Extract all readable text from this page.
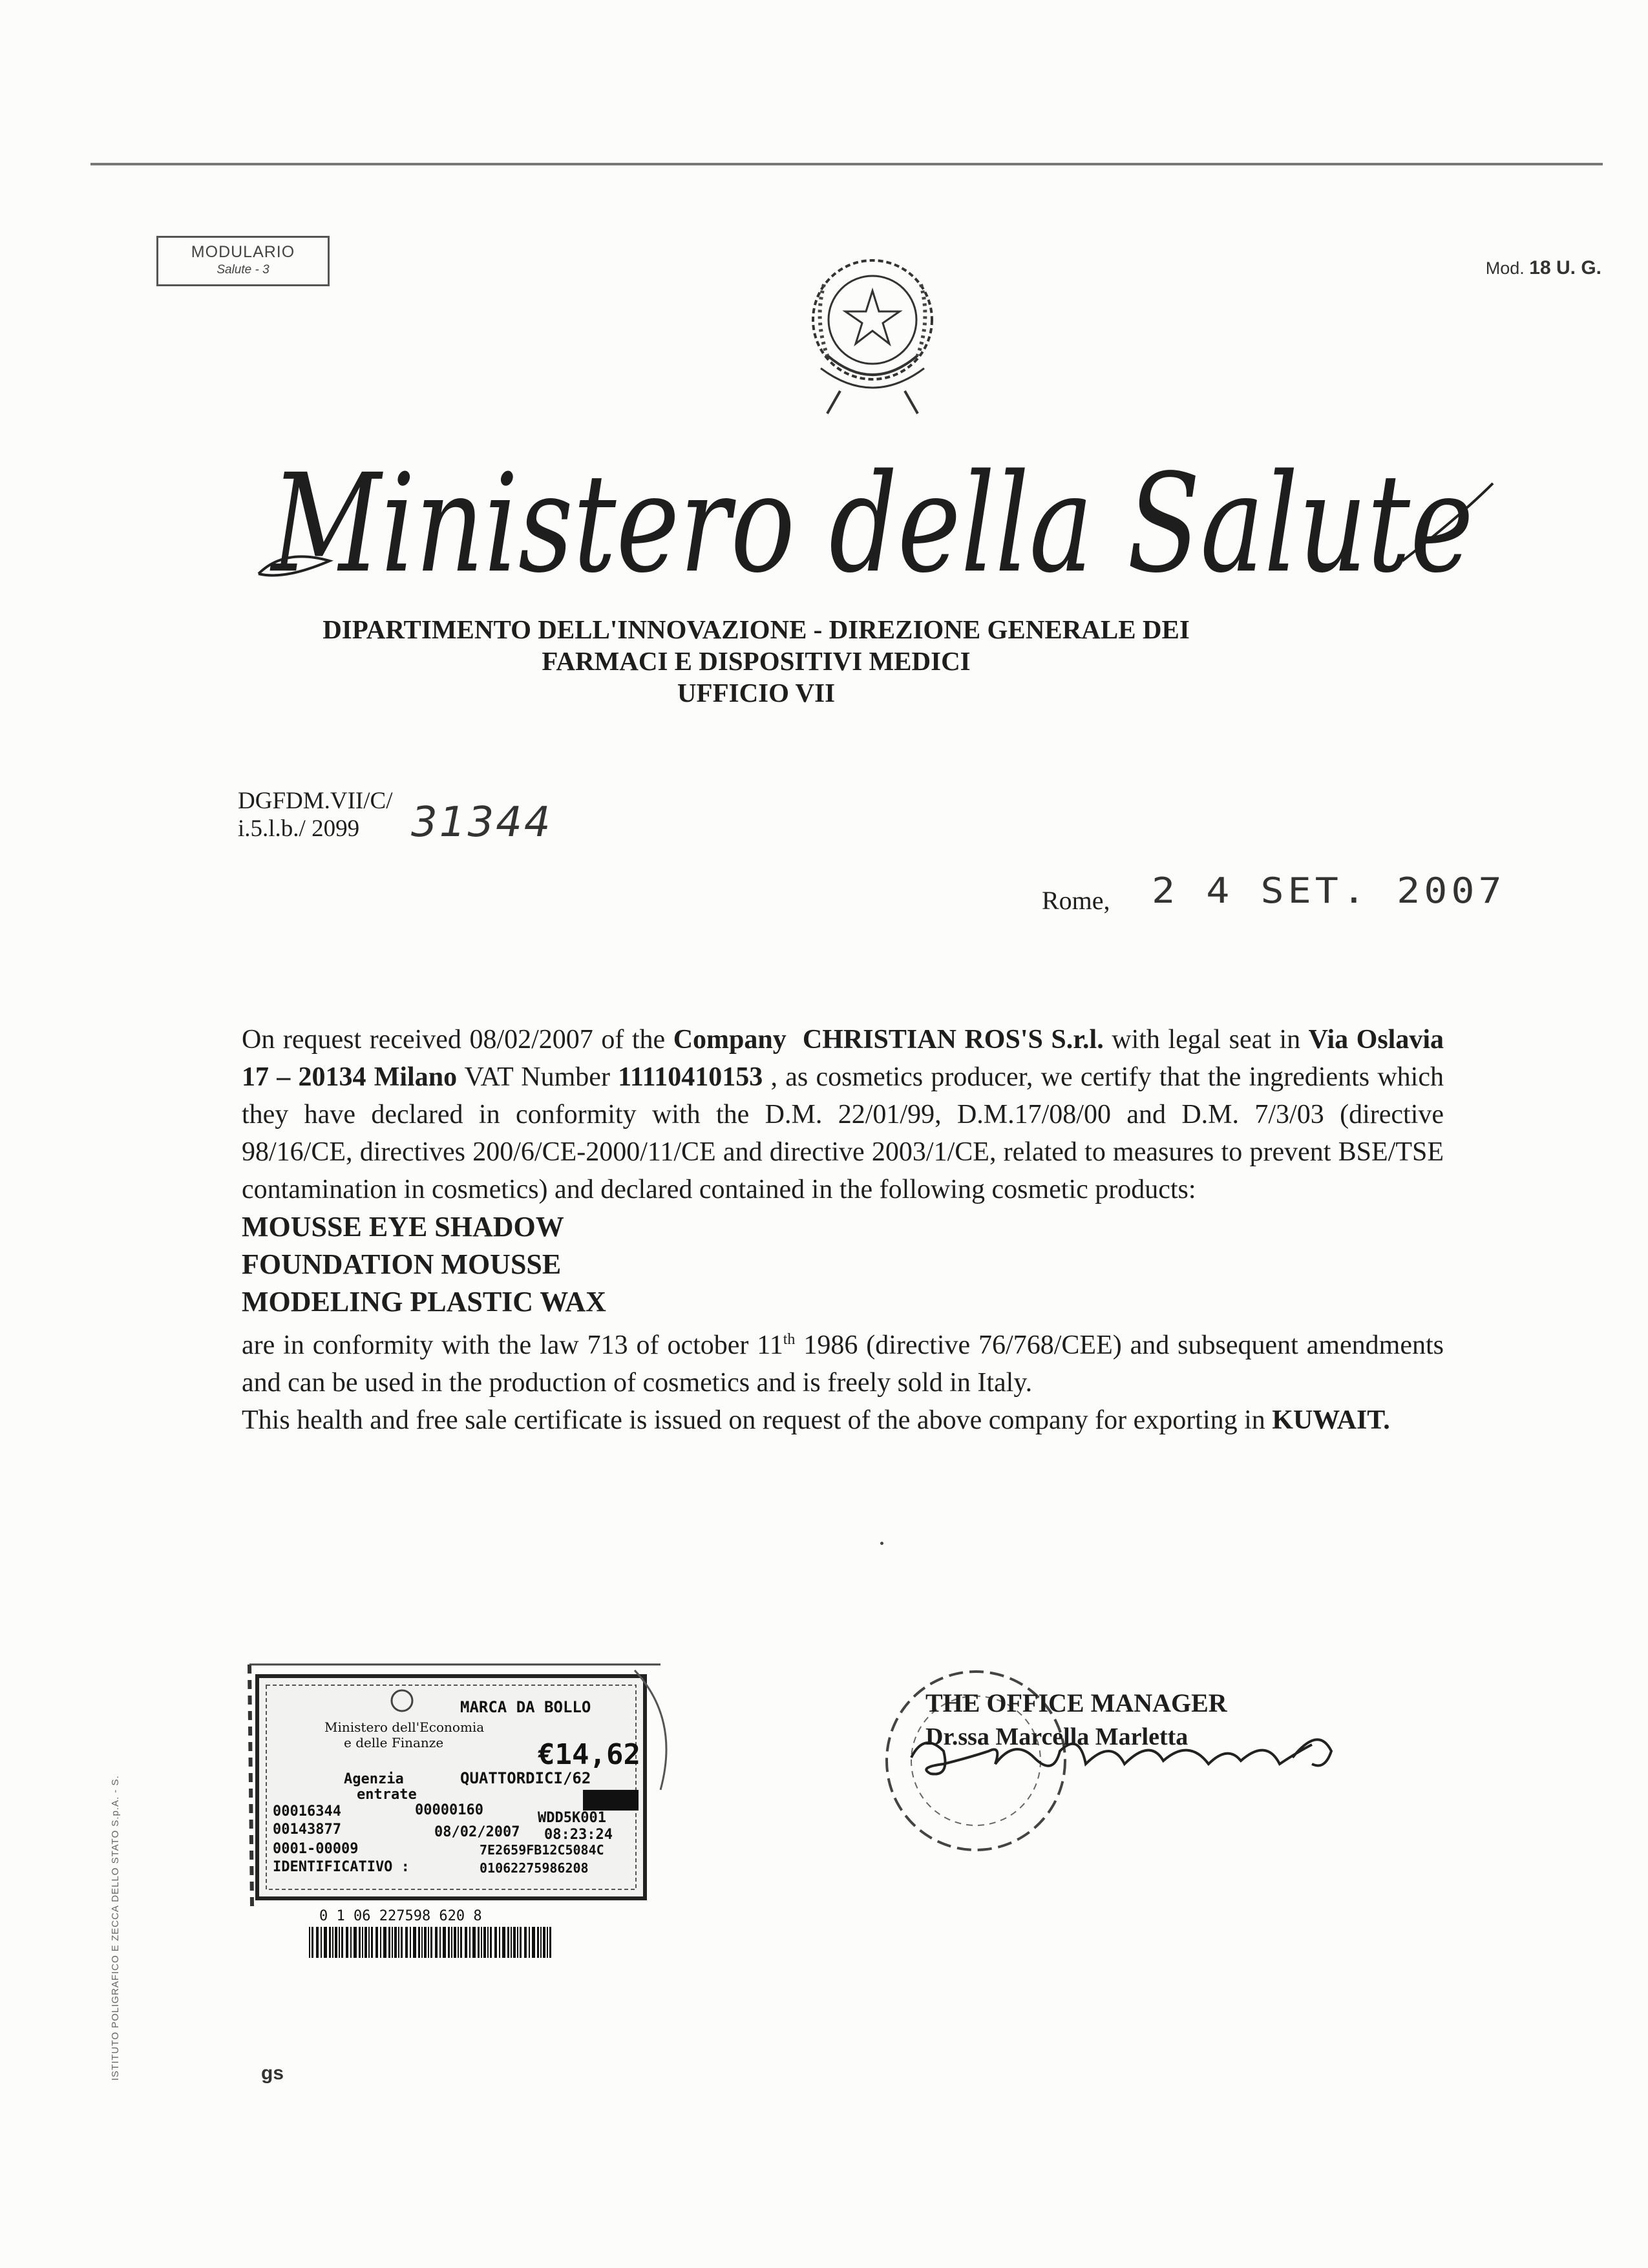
MODULARIO
Salute - 3	Mod. 18 U. G.
Ministero della Salute
DIPARTIMENTO DELL'INNOVAZIONE - DIREZIONE GENERALE DEI
FARMACI E DISPOSITIVI MEDICI
UFFICIO VII
DGFDM.VII/C/
i.5.l.b./ 2099	31344
Rome, 2 4 SET. 2007

On request received 08/02/2007 of the Company CHRISTIAN ROS'S S.r.l. with legal seat in Via Oslavia 17 – 20134 Milano VAT Number 11110410153 , as cosmetics producer, we certify that the ingredients which they have declared in conformity with the D.M. 22/01/99, D.M.17/08/00 and D.M. 7/3/03 (directive 98/16/CE, directives 200/6/CE-2000/11/CE and directive 2003/1/CE, related to measures to prevent BSE/TSE contamination in cosmetics) and declared contained in the following cosmetic products:

MOUSSE EYE SHADOW
FOUNDATION MOUSSE
MODELING PLASTIC WAX

are in conformity with the law 713 of october 11th 1986 (directive 76/768/CEE) and subsequent amendments and can be used in the production of cosmetics and is freely sold in Italy.

This health and free sale certificate is issued on request of the above company for exporting in KUWAIT.

MARCA DA BOLLO
Ministero dell'Economia
e delle Finanze	€14,62
Agenzia	QUATTORDICI/62
entrate
00016344	00000160	WDD5K001
00143877	08/02/2007 08:23:24
0001-00009	7E2659FB12C5084C
IDENTIFICATIVO :	01062275986208
0 1 06 227598 620 8
THE OFFICE MANAGER
Dr.ssa Marcella Marletta
ISTITUTO POLIGRAFICO E ZECCA DELLO STATO S.p.A. - S.	gs
